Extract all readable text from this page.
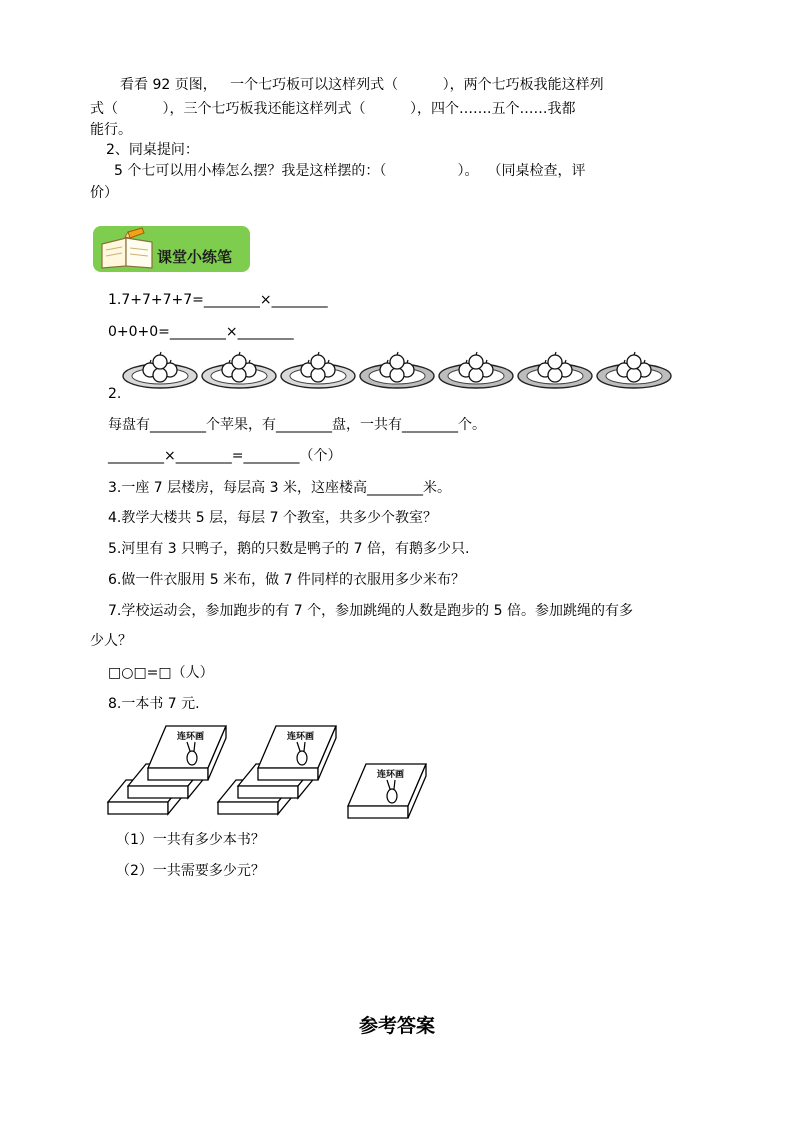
看看 92 页图，   一个七巧板可以这样列式（          ），两个七巧板我能这样列
式（          ），三个七巧板我还能这样列式（          ），四个…….五个……我都
能行。
2、同桌提问：
5 个七可以用小棒怎么摆？我是这样摆的：（                ）。  （同桌检查，评
价）
课堂小练笔
1.7+7+7+7=________×________
0+0+0=________×________
2.
每盘有________个苹果，有________盘，一共有________个。
________×________=________（个）
3.一座 7 层楼房，每层高 3 米，这座楼高________米。
4.教学大楼共 5 层，每层 7 个教室，共多少个教室？
5.河里有 3 只鸭子，鹅的只数是鸭子的 7 倍，有鹅多少只.
6.做一件衣服用 5 米布，做 7 件同样的衣服用多少米布？
7.学校运动会，参加跑步的有 7 个，参加跳绳的人数是跑步的 5 倍。参加跳绳的有多
少人？
□○□=□（人）
8.一本书 7 元.
连环画	连环画
连环画
（1）一共有多少本书？
（2）一共需要多少元？
参考答案
